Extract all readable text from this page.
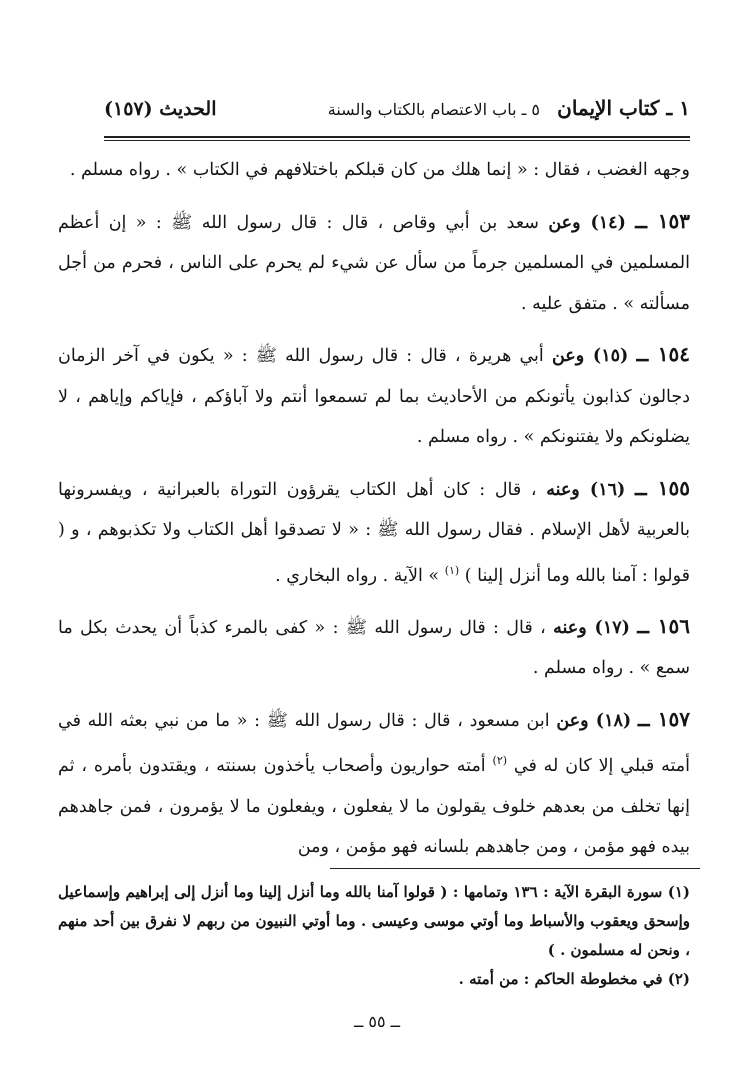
١ ـ كتاب الإيمان
٥ ـ باب الاعتصام بالكتاب والسنة
الحديث (١٥٧)

وجهه الغضب ، فقال : « إنما هلك من كان قبلكم باختلافهم في الكتاب » . رواه مسلم .

١٥٣ ــ (١٤) وعن سعد بن أبي وقاص ، قال : قال رسول الله ﷺ : « إن أعظم المسلمين في المسلمين جرماً من سأل عن شيء لم يحرم على الناس ، فحرم من أجل مسألته » . متفق عليه .

١٥٤ ــ (١٥) وعن أبي هريرة ، قال : قال رسول الله ﷺ : « يكون في آخر الزمان دجالون كذابون يأتونكم من الأحاديث بما لم تسمعوا أنتم ولا آباؤكم ، فإياكم وإياهم ، لا يضلونكم ولا يفتنونكم » . رواه مسلم .

١٥٥ ــ (١٦) وعنه ، قال : كان أهل الكتاب يقرؤون التوراة بالعبرانية ، ويفسرونها بالعربية لأهل الإسلام . فقال رسول الله ﷺ : « لا تصدقوا أهل الكتاب ولا تكذبوهم ، و ( قولوا : آمنا بالله وما أنزل إلينا ) $^{(١)}$ » الآية . رواه البخاري .

١٥٦ ــ (١٧) وعنه ، قال : قال رسول الله ﷺ : « كفى بالمرء كذباً أن يحدث بكل ما سمع » . رواه مسلم .

١٥٧ ــ (١٨) وعن ابن مسعود ، قال : قال رسول الله ﷺ : « ما من نبي بعثه الله في أمته قبلي إلا كان له في $^{(٢)}$ أمته حواريون وأصحاب يأخذون بسنته ، ويقتدون بأمره ، ثم إنها تخلف من بعدهم خلوف يقولون ما لا يفعلون ، ويفعلون ما لا يؤمرون ، فمن جاهدهم بيده فهو مؤمن ، ومن جاهدهم بلسانه فهو مؤمن ، ومن

(١) سورة البقرة الآية : ١٣٦ وتمامها : ( قولوا آمنا بالله وما أنزل إلينا وما أنزل إلى إبراهيم وإسماعيل وإسحق ويعقوب والأسباط وما أوتي موسى وعيسى . وما أوتي النبيون من ربهم لا نفرق بين أحد منهم ، ونحن له مسلمون . )

(٢) في مخطوطة الحاكم : من أمته .

ــ ٥٥ ــ
